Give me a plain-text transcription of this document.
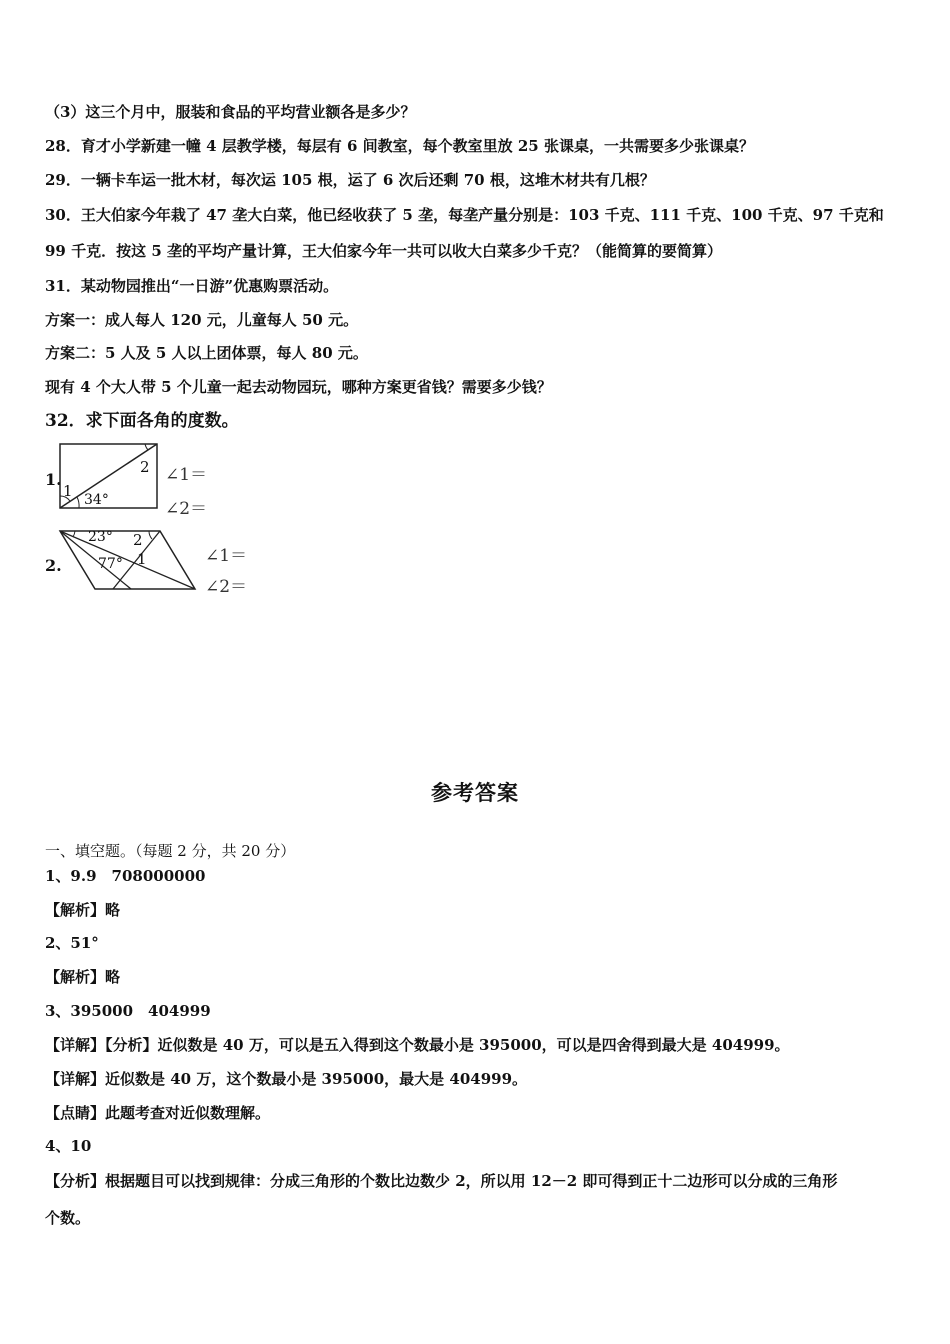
（3）这三个月中，服装和食品的平均营业额各是多少？
28．育才小学新建一幢 4 层教学楼，每层有 6 间教室，每个教室里放 25 张课桌，一共需要多少张课桌？
29．一辆卡车运一批木材，每次运 105 根，运了 6 次后还剩 70 根，这堆木材共有几根？
30．王大伯家今年栽了 47 垄大白菜，他已经收获了 5 垄，每垄产量分别是：103 千克、111 千克、100 千克、97 千克和
99 千克．按这 5 垄的平均产量计算，王大伯家今年一共可以收大白菜多少千克？（能简算的要简算）
31．某动物园推出“一日游”优惠购票活动。
方案一：成人每人 120 元，儿童每人 50 元。
方案二：5 人及 5 人以上团体票，每人 80 元。
现有 4 个大人带 5 个儿童一起去动物园玩，哪种方案更省钱？需要多少钱？
32．求下面各角的度数。
1.
1
2
34°
∠1＝
∠2＝
2.
23°
77°
2
1	∠1＝
∠2＝
参考答案
一、填空题。（每题 2 分，共 20 分）
1、9.9　708000000
【解析】略
2、51°
【解析】略
3、395000　404999
【详解】【分析】近似数是 40 万，可以是五入得到这个数最小是 395000，可以是四舍得到最大是 404999。
【详解】近似数是 40 万，这个数最小是 395000，最大是 404999。
【点睛】此题考查对近似数理解。
4、10
【分析】根据题目可以找到规律：分成三角形的个数比边数少 2，所以用 12－2 即可得到正十二边形可以分成的三角形
个数。
